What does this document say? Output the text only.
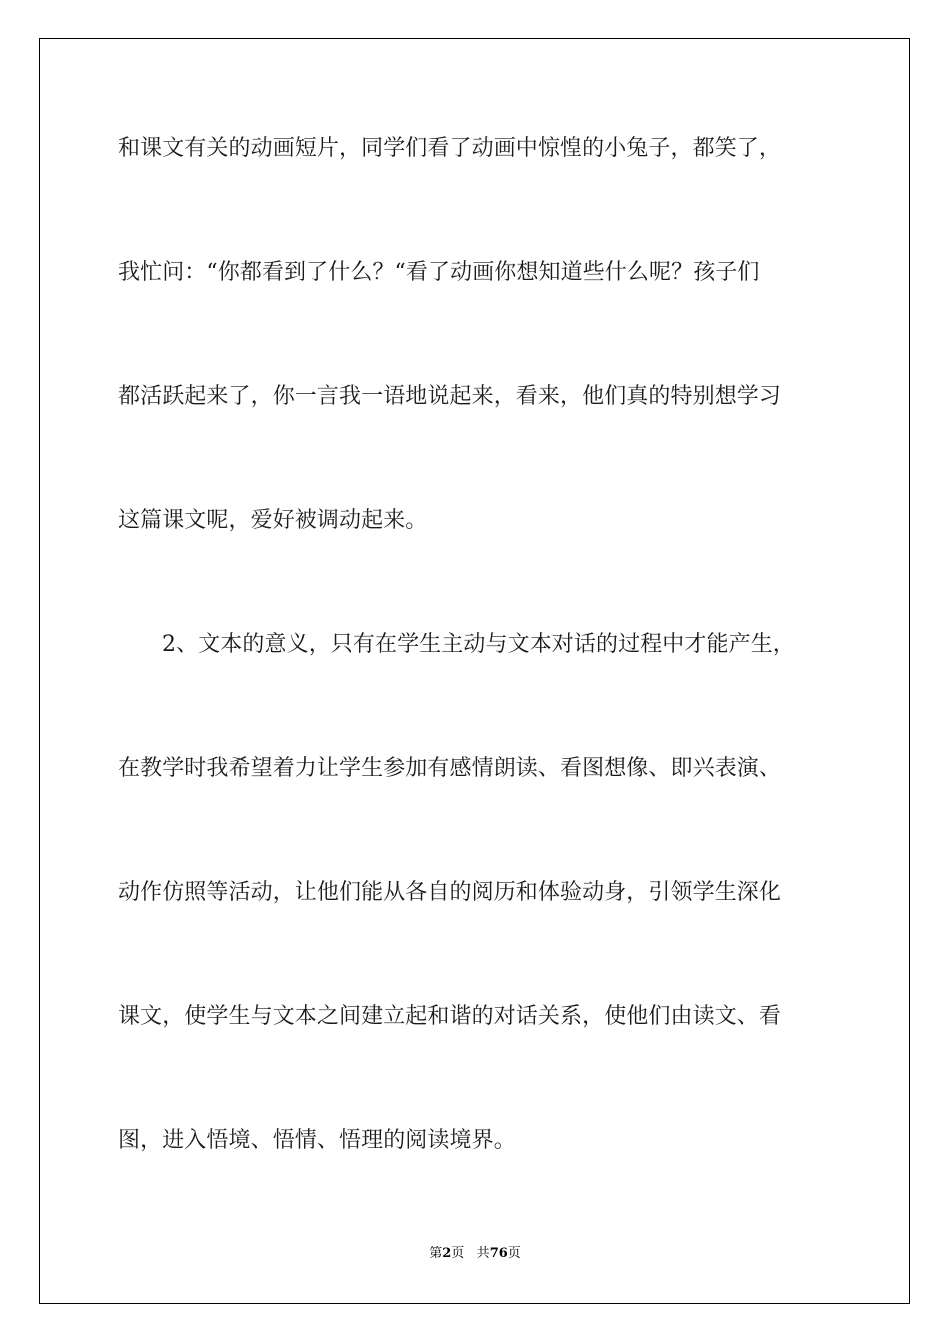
和课文有关的动画短片，同学们看了动画中惊惶的小兔子，都笑了，

我忙问：“你都看到了什么？“看了动画你想知道些什么呢？孩子们

都活跃起来了，你一言我一语地说起来，看来，他们真的特别想学习

这篇课文呢，爱好被调动起来。

2、文本的意义，只有在学生主动与文本对话的过程中才能产生，

在教学时我希望着力让学生参加有感情朗读、看图想像、即兴表演、

动作仿照等活动，让他们能从各自的阅历和体验动身，引领学生深化

课文，使学生与文本之间建立起和谐的对话关系，使他们由读文、看

图，进入悟境、悟情、悟理的阅读境界。

第2页 共76页
